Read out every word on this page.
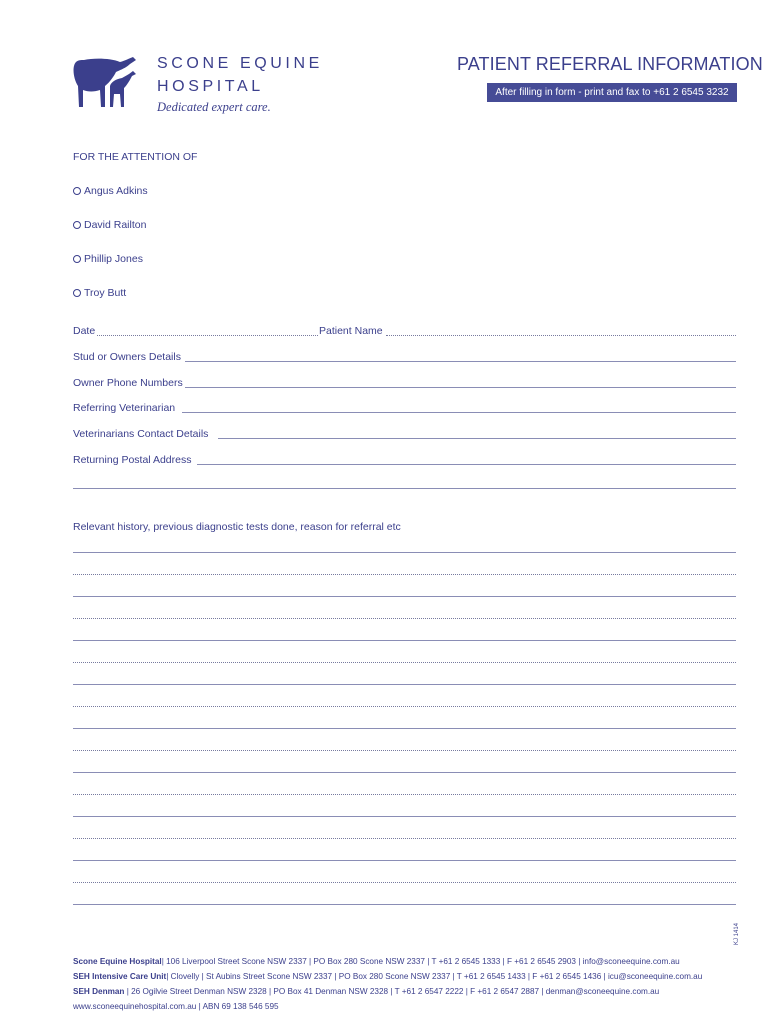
SCONE EQUINE
HOSPITAL
Dedicated expert care.
PATIENT REFERRAL INFORMATION
After filling in form - print and fax to +61 2 6545 3232
FOR THE ATTENTION OF
Angus Adkins
David Railton
Phillip Jones
Troy Butt
Date	Patient Name
Stud or Owners Details
Owner Phone Numbers
Referring Veterinarian
Veterinarians Contact Details
Returning Postal Address
Relevant history, previous diagnostic tests done, reason for referral etc
Scone Equine Hospital| 106 Liverpool Street Scone NSW 2337 | PO Box 280 Scone NSW 2337 | T +61 2 6545 1333 | F +61 2 6545 2903 | info@sconeequine.com.au
SEH Intensive Care Unit| Clovelly | St Aubins Street Scone NSW 2337 | PO Box 280 Scone NSW 2337 | T +61 2 6545 1433 | F +61 2 6545 1436 | icu@sconeequine.com.au
SEH Denman | 26 Ogilvie Street Denman NSW 2328 | PO Box 41 Denman NSW 2328 | T +61 2 6547 2222 | F +61 2 6547 2887 | denman@sconeequine.com.au
www.sconeequinehospital.com.au | ABN 69 138 546 595
KJ 1414
